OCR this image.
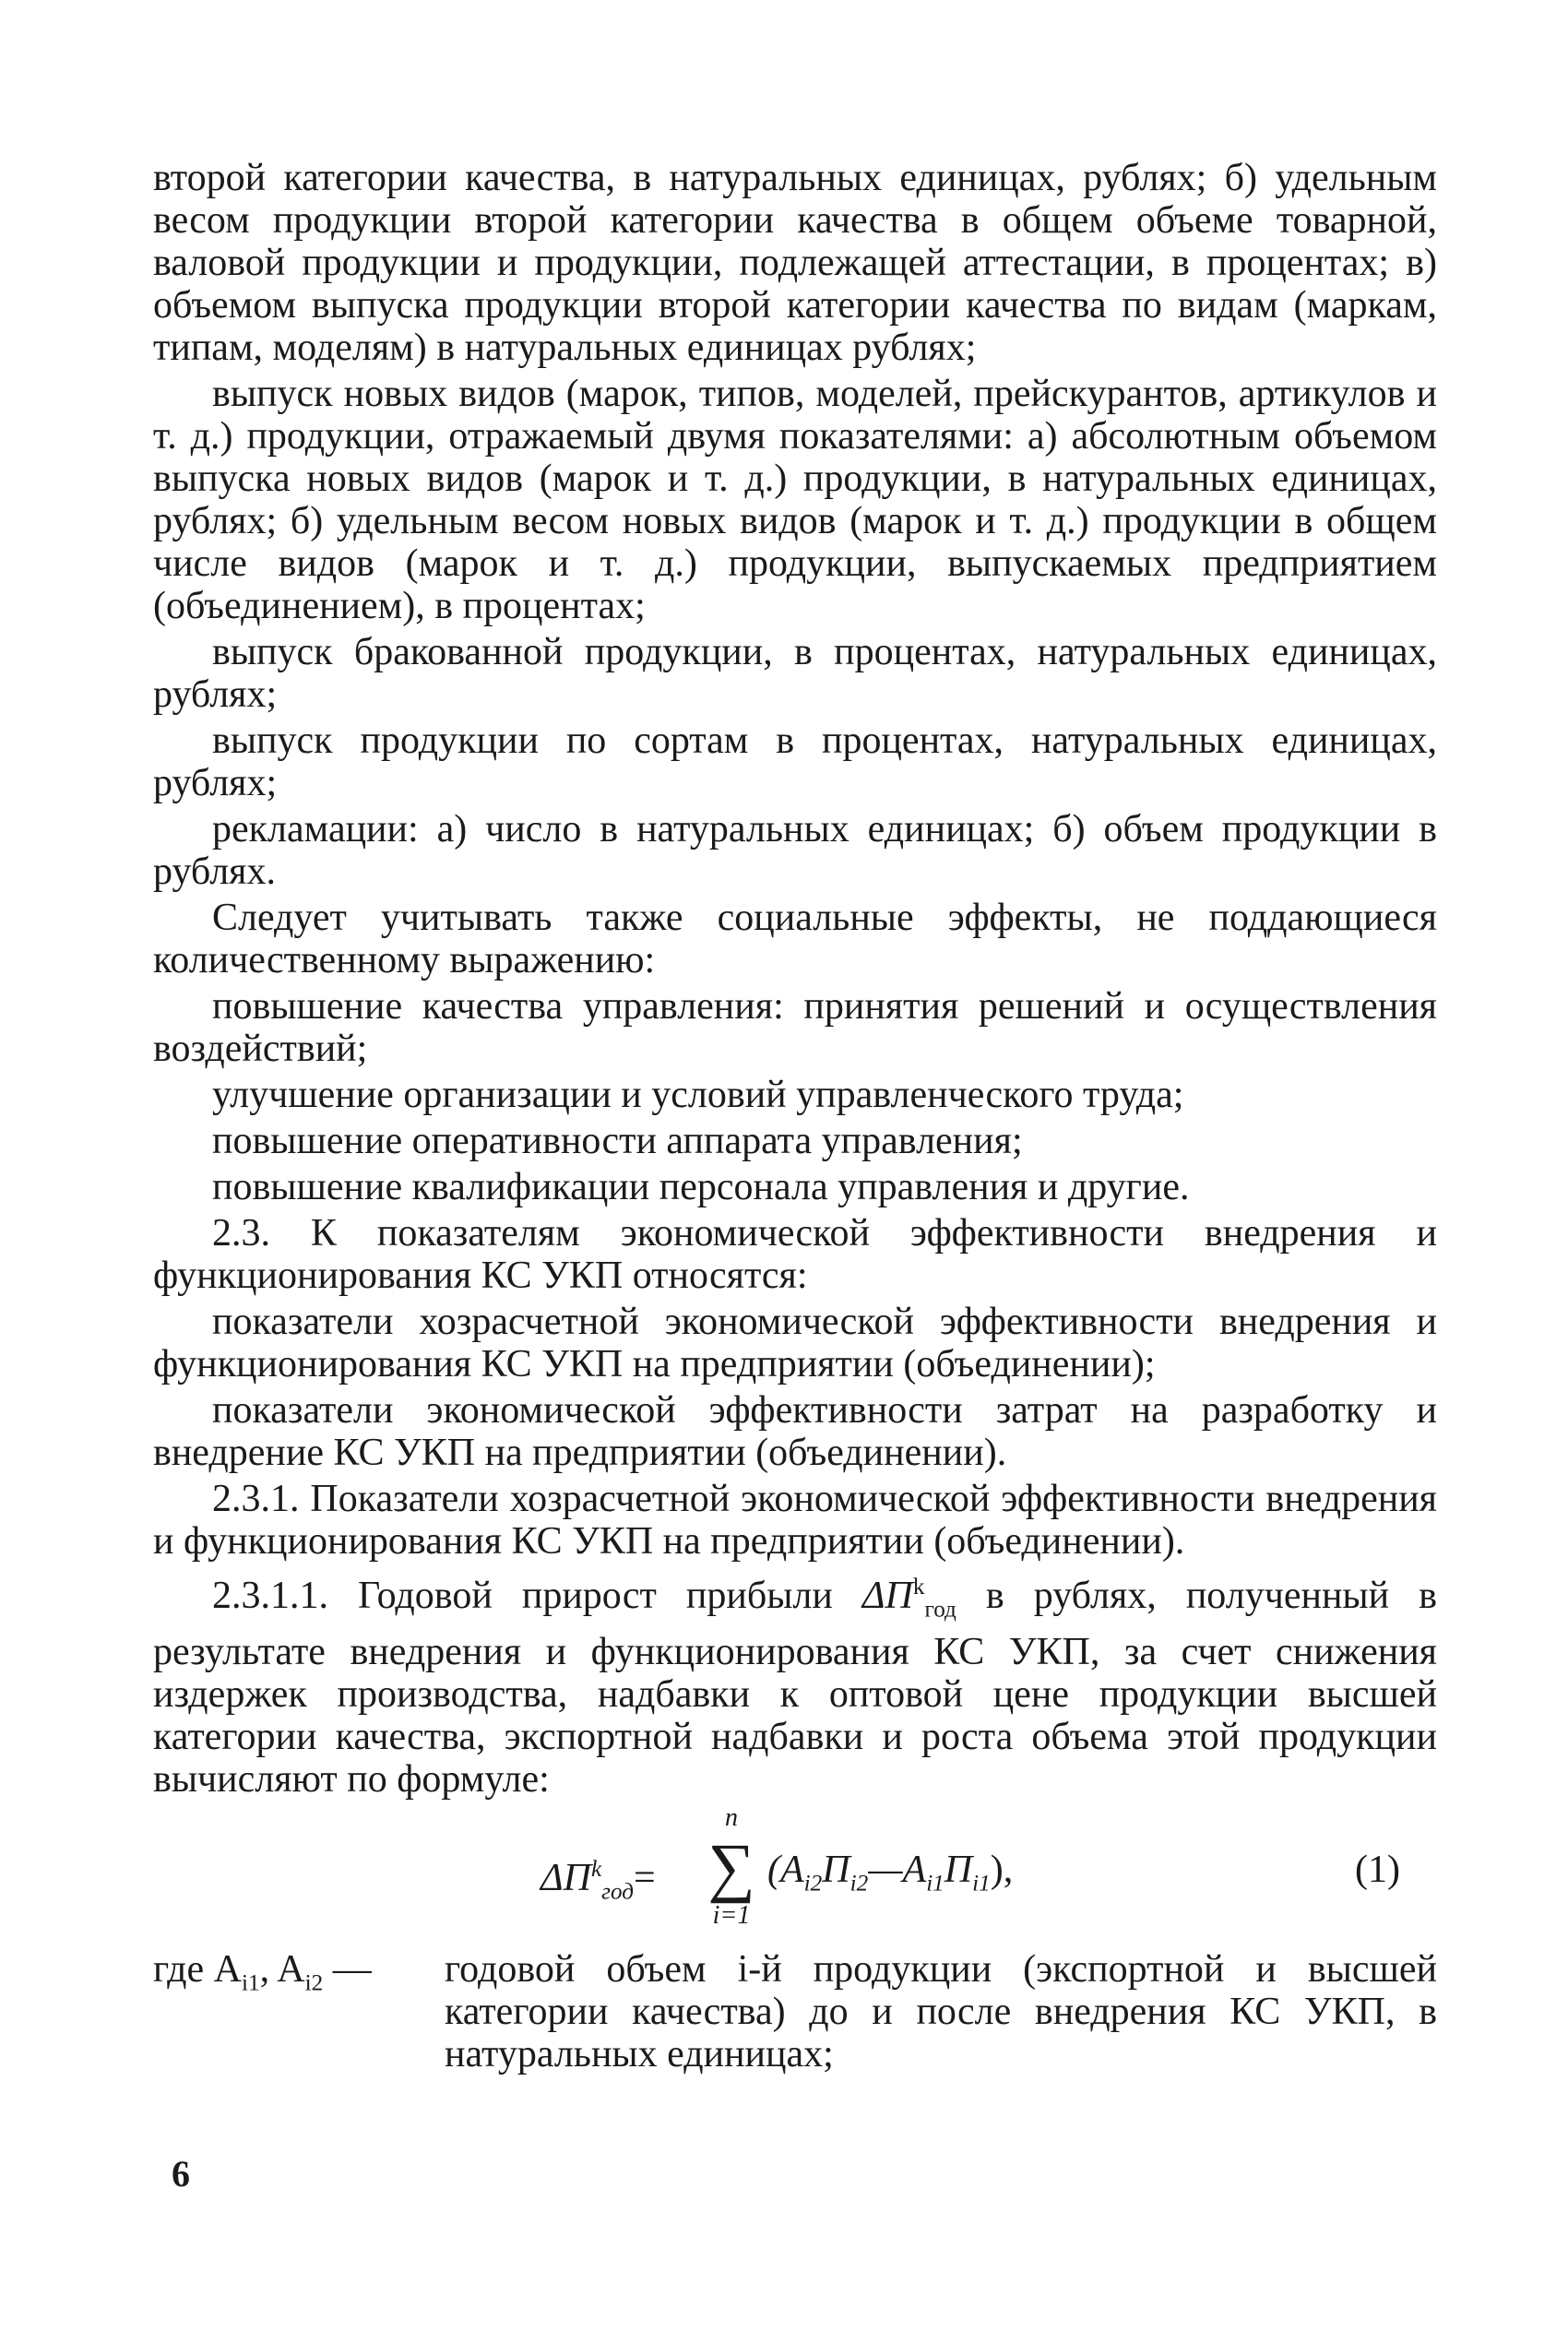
второй категории качества, в натуральных единицах, рублях; б) удельным весом продукции второй категории качества в общем объеме товарной, валовой продукции и продукции, подлежащей аттестации, в процентах; в) объемом выпуска продукции второй категории качества по видам (маркам, типам, моделям) в натуральных единицах рублях;

выпуск новых видов (марок, типов, моделей, прейскурантов, артикулов и т. д.) продукции, отражаемый двумя показателями: а) абсолютным объемом выпуска новых видов (марок и т. д.) продукции, в натуральных единицах, рублях; б) удельным весом новых видов (марок и т. д.) продукции в общем числе видов (марок и т. д.) продукции, выпускаемых предприятием (объединением), в процентах;

выпуск бракованной продукции, в процентах, натуральных единицах, рублях;

выпуск продукции по сортам в процентах, натуральных единицах, рублях;

рекламации: а) число в натуральных единицах; б) объем продукции в рублях.

Следует учитывать также социальные эффекты, не поддающиеся количественному выражению:

повышение качества управления: принятия решений и осуществления воздействий;

улучшение организации и условий управленческого труда;

повышение оперативности аппарата управления;

повышение квалификации персонала управления и другие.

2.3. К показателям экономической эффективности внедрения и функционирования КС УКП относятся:

показатели хозрасчетной экономической эффективности внедрения и функционирования КС УКП на предприятии (объединении);

показатели экономической эффективности затрат на разработку и внедрение КС УКП на предприятии (объединении).

2.3.1. Показатели хозрасчетной экономической эффективности внедрения и функционирования КС УКП на предприятии (объединении).

2.3.1.1. Годовой прирост прибыли $\Delta П^k_{год}$ в рублях, полученный в результате внедрения и функционирования КС УКП, за счет снижения издержек производства, надбавки к оптовой цене продукции высшей категории качества, экспортной надбавки и роста объема этой продукции вычисляют по формуле:

$\Delta П^k_{год}=$
n
∑
i=1
$(A_{i2}П_{i2}—A_{i1}П_{i1})$,	(1)
где $A_{i1}$, $A_{i2}$ — годовой объем i-й продукции (экспортной и высшей категории качества) до и после внедрения КС УКП, в натуральных единицах;
6
